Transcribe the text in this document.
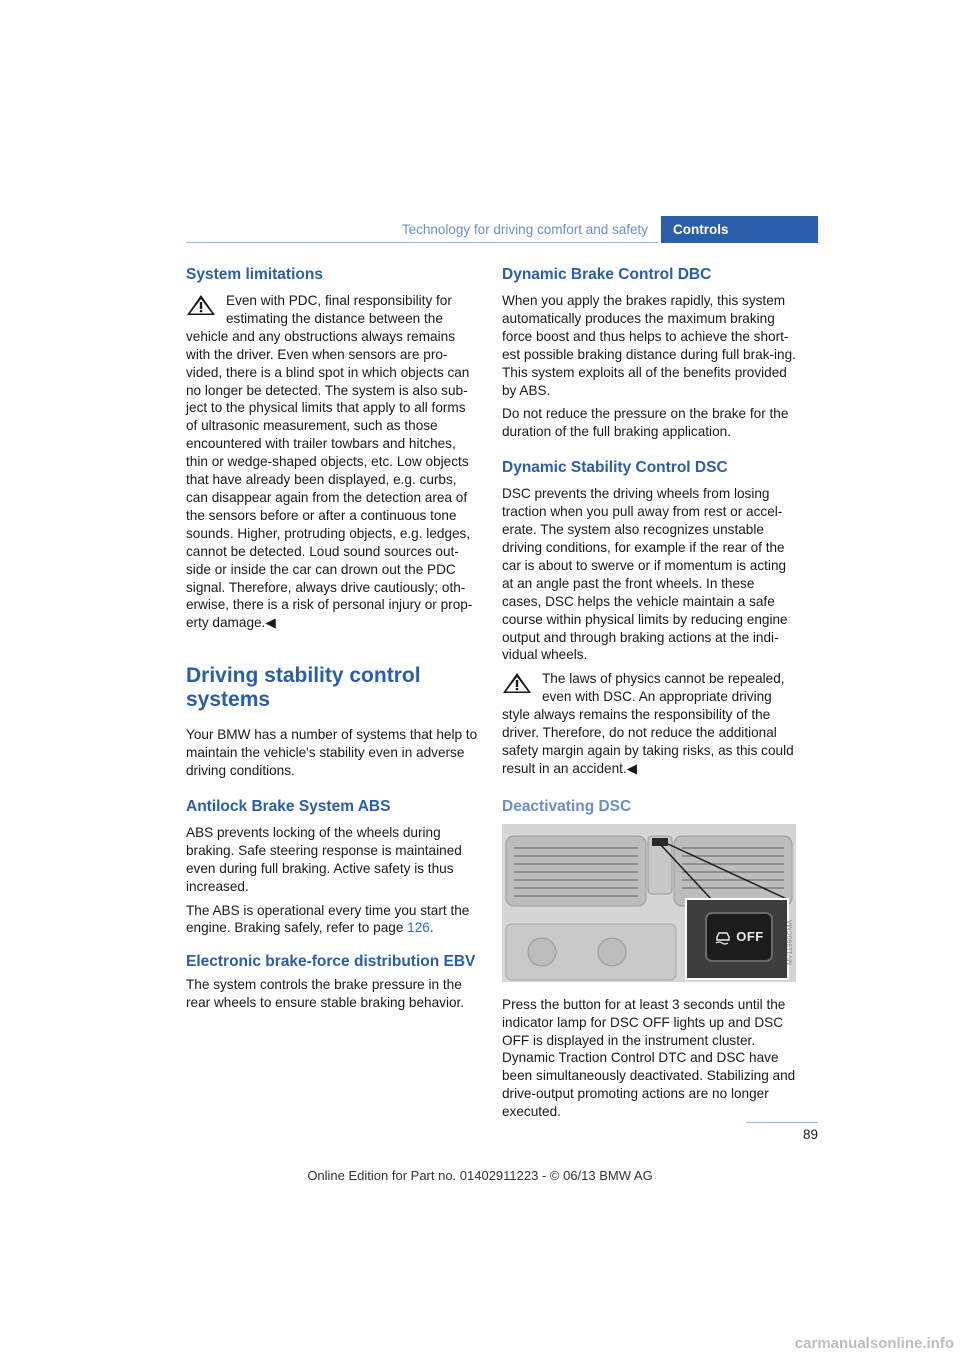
Technology for driving comfort and safety	Controls
System limitations

Even with PDC, final responsibility for estimating the distance between the vehicle and any obstructions always remains with the driver. Even when sensors are pro-vided, there is a blind spot in which objects can no longer be detected. The system is also sub-ject to the physical limits that apply to all forms of ultrasonic measurement, such as those encountered with trailer towbars and hitches, thin or wedge-shaped objects, etc. Low objects that have already been displayed, e.g. curbs, can disappear again from the detection area of the sensors before or after a continuous tone sounds. Higher, protruding objects, e.g. ledges, cannot be detected. Loud sound sources out-side or inside the car can drown out the PDC signal. Therefore, always drive cautiously; oth-erwise, there is a risk of personal injury or prop-erty damage.◀

Driving stability control systems

Your BMW has a number of systems that help to maintain the vehicle's stability even in adverse driving conditions.

Antilock Brake System ABS

ABS prevents locking of the wheels during braking. Safe steering response is maintained even during full braking. Active safety is thus increased.

The ABS is operational every time you start the engine. Braking safely, refer to page 126.

Electronic brake-force distribution EBV

The system controls the brake pressure in the rear wheels to ensure stable braking behavior.

Dynamic Brake Control DBC

When you apply the brakes rapidly, this system automatically produces the maximum braking force boost and thus helps to achieve the short-est possible braking distance during full brak-ing. This system exploits all of the benefits provided by ABS.

Do not reduce the pressure on the brake for the duration of the full braking application.

Dynamic Stability Control DSC

DSC prevents the driving wheels from losing traction when you pull away from rest or accel-erate. The system also recognizes unstable driving conditions, for example if the rear of the car is about to swerve or if momentum is acting at an angle past the front wheels. In these cases, DSC helps the vehicle maintain a safe course within physical limits by reducing engine output and through braking actions at the indi-vidual wheels.

The laws of physics cannot be repealed, even with DSC. An appropriate driving style always remains the responsibility of the driver. Therefore, do not reduce the additional safety margin again by taking risks, as this could result in an accident.◀

Deactivating DSC
OFF	MV11990CMA

Press the button for at least 3 seconds until the indicator lamp for DSC OFF lights up and DSC OFF is displayed in the instrument cluster. Dynamic Traction Control DTC and DSC have been simultaneously deactivated. Stabilizing and drive-output promoting actions are no longer executed.

89
Online Edition for Part no. 01402911223 - © 06/13 BMW AG
carmanualsonline.info
